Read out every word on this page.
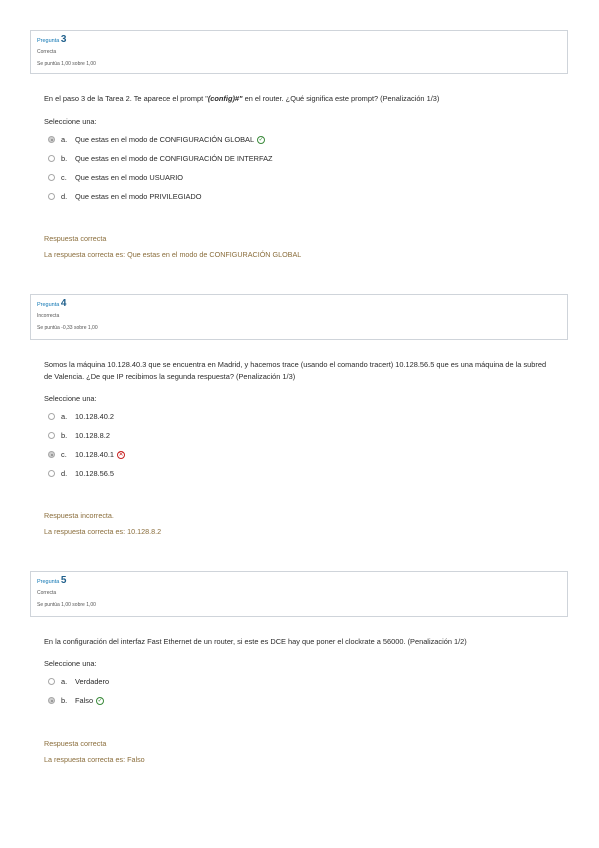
Pregunta 3
Correcta
Se puntúa 1,00 sobre 1,00
En el paso 3 de la Tarea 2. Te aparece el prompt "(config)#" en el router. ¿Qué significa este prompt? (Penalización 1/3)
Seleccione una:
a.	Que estas en el modo de CONFIGURACIÓN GLOBAL ✓
b.	Que estas en el modo de CONFIGURACIÓN DE INTERFAZ
c.	Que estas en el modo USUARIO
d.	Que estas en el modo PRIVILEGIADO
Respuesta correcta
La respuesta correcta es: Que estas en el modo de CONFIGURACIÓN GLOBAL
Pregunta 4
Incorrecta
Se puntúa -0,33 sobre 1,00
Somos la máquina 10.128.40.3 que se encuentra en Madrid, y hacemos trace (usando el comando tracert) 10.128.56.5 que es una máquina de la subred de Valencia. ¿De que IP recibimos la segunda respuesta? (Penalización 1/3)
Seleccione una:
a.	10.128.40.2
b.	10.128.8.2
c.	10.128.40.1 ✕
d.	10.128.56.5
Respuesta incorrecta.
La respuesta correcta es: 10.128.8.2
Pregunta 5
Correcta
Se puntúa 1,00 sobre 1,00
En la configuración del interfaz Fast Ethernet de un router, si este es DCE hay que poner el clockrate a 56000. (Penalización 1/2)
Seleccione una:
a.	Verdadero
b.	Falso ✓
Respuesta correcta
La respuesta correcta es: Falso
